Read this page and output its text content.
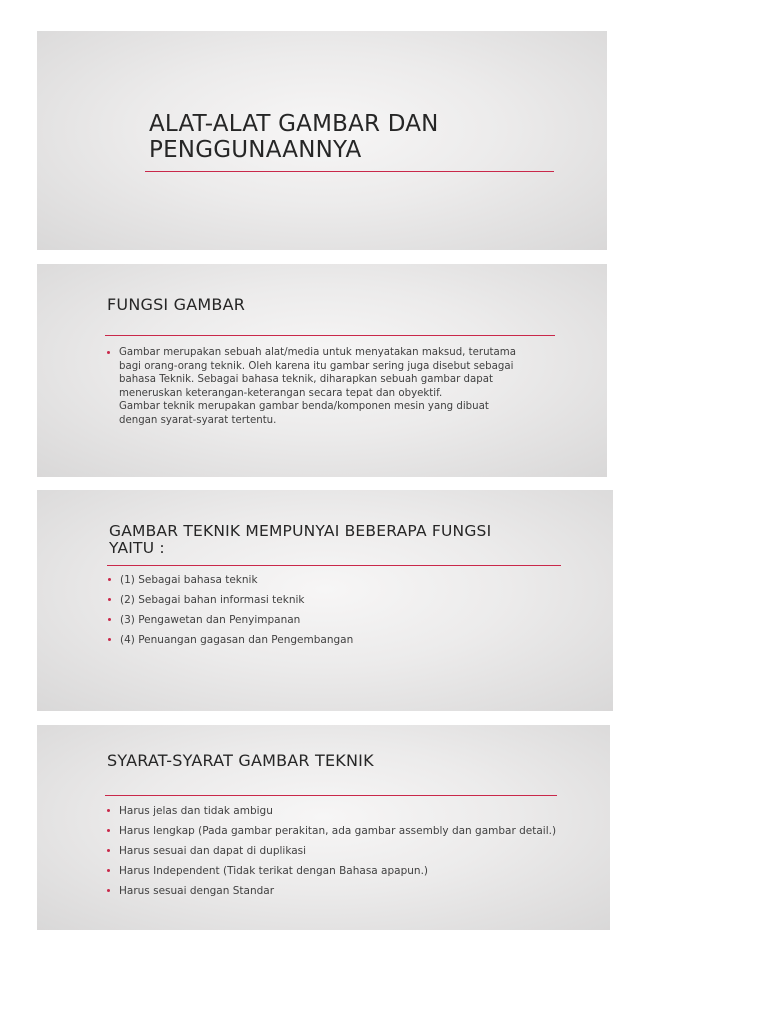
ALAT-ALAT GAMBAR DAN
PENGGUNAANNYA
FUNGSI GAMBAR
Gambar merupakan sebuah alat/media untuk menyatakan maksud, terutama
bagi orang-orang teknik. Oleh karena itu gambar sering juga disebut sebagai
bahasa Teknik. Sebagai bahasa teknik, diharapkan sebuah gambar dapat
meneruskan keterangan-keterangan secara tepat dan obyektif.
Gambar teknik merupakan gambar benda/komponen mesin yang dibuat
dengan syarat-syarat tertentu.
GAMBAR TEKNIK MEMPUNYAI BEBERAPA FUNGSI
YAITU :
(1) Sebagai bahasa teknik
(2) Sebagai bahan informasi teknik
(3) Pengawetan dan Penyimpanan
(4) Penuangan gagasan dan Pengembangan
SYARAT-SYARAT GAMBAR TEKNIK
Harus jelas dan tidak ambigu
Harus lengkap (Pada gambar perakitan, ada gambar assembly dan gambar detail.)
Harus sesuai dan dapat di duplikasi
Harus Independent (Tidak terikat dengan Bahasa apapun.)
Harus sesuai dengan Standar
